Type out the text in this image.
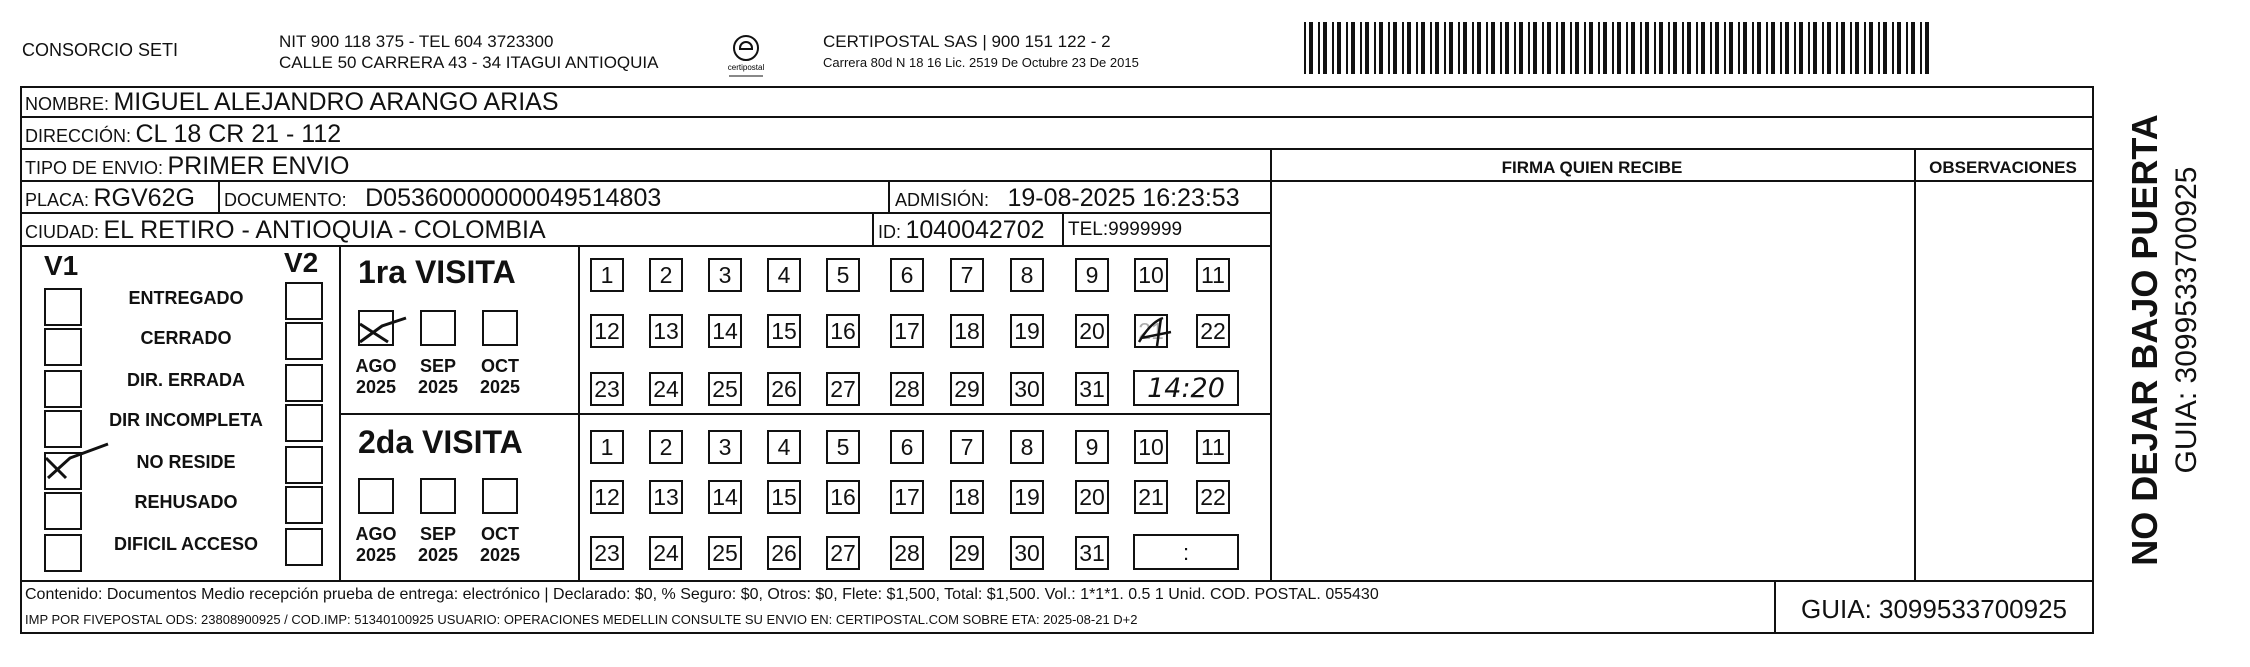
CONSORCIO SETI	NIT 900 118 375 - TEL 604 3723300
CALLE 50 CARRERA 43 - 34 ITAGUI ANTIOQUIA	certipostal
CERTIPOSTAL SAS | 900 151 122 - 2
Carrera 80d N 18 16 Lic. 2519 De Octubre 23 De 2015
FIRMA QUIEN RECIBE	OBSERVACIONES
NOMBRE: MIGUEL ALEJANDRO ARANGO ARIAS
DIRECCIÓN: CL 18 CR 21 - 112
TIPO DE ENVIO: PRIMER ENVIO
PLACA: RGV62G DOCUMENTO: D05360000000049514803	ADMISIÓN: 19-08-2025 16:23:53
CIUDAD: EL RETIRO - ANTIOQUIA - COLOMBIA	ID: 1040042702 TEL:9999999
V1	V2
ENTREGADO
CERRADO
DIR. ERRADA
DIR INCOMPLETA
NO RESIDE
REHUSADO
DIFICIL ACCESO
1ra VISITA
2da VISITA
AGO
2025
SEP
2025
OCT
2025
AGO
2025
SEP
2025
OCT
2025
1 2 3 4 5 6 7 8 9 10 11
12 13 14 15 16 17 18 19 20 21 22
23 24 25 26 27 28 29 30 31
1 2 3 4 5 6 7 8 9 10 11
12 13 14 15 16 17 18 19 20 21 22
23 24 25 26 27 28 29 30 31
14:20
:	NO DEJAR BAJO PUERTA GUIA: 3099533700925
Contenido: Documentos Medio recepción prueba de entrega: electrónico | Declarado: $0, % Seguro: $0, Otros: $0, Flete: $1,500, Total: $1,500. Vol.: 1*1*1. 0.5 1 Unid. COD. POSTAL. 055430
IMP POR FIVEPOSTAL ODS: 23808900925 / COD.IMP: 51340100925 USUARIO: OPERACIONES MEDELLIN CONSULTE SU ENVIO EN: CERTIPOSTAL.COM SOBRE ETA: 2025-08-21 D+2	GUIA: 3099533700925
